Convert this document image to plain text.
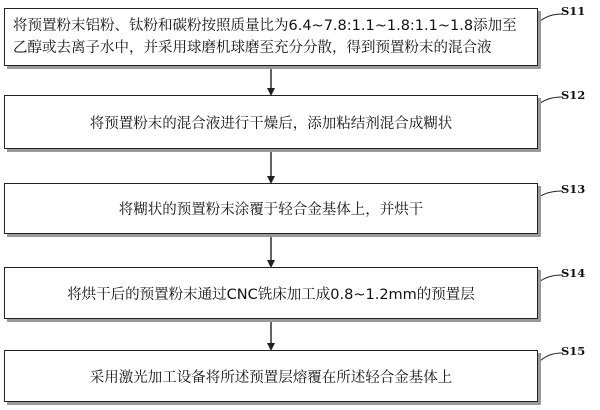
将预置粉末铝粉、钛粉和碳粉按照质量比为6.4~7.8:1.1~1.8:1.1~1.8添加至乙醇或去离子水中，并采用球磨机球磨至充分分散，得到预置粉末的混合液
S11
将预置粉末的混合液进行干燥后，添加粘结剂混合成糊状
S12
将糊状的预置粉末涂覆于轻合金基体上，并烘干
S13
将烘干后的预置粉末通过CNC铣床加工成0.8~1.2mm的预置层
S14
采用激光加工设备将所述预置层熔覆在所述轻合金基体上
S15
